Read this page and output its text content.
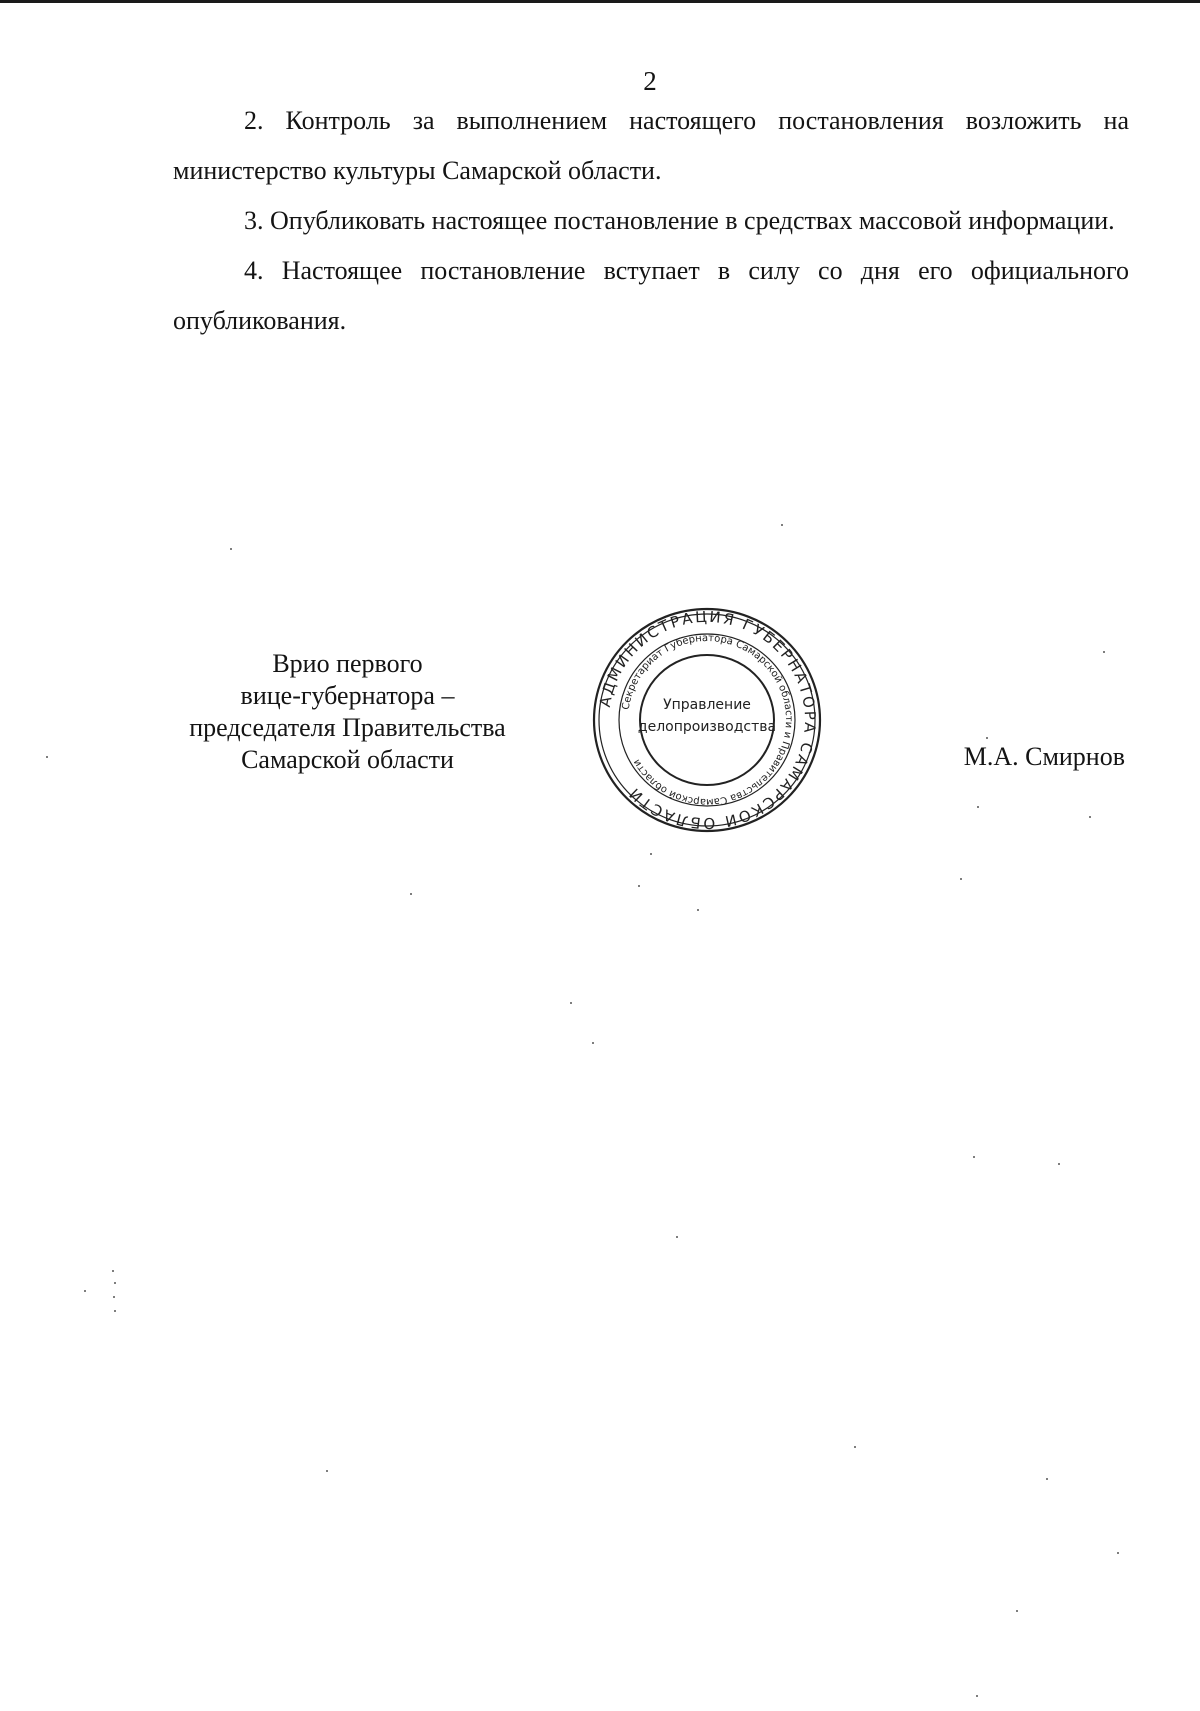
2

2. Контроль за выполнением настоящего постановления возложить на министерство культуры Самарской области.

3. Опубликовать настоящее постановление в средствах массовой информации.

4. Настоящее постановление вступает в силу со дня его официального опубликования.

Врио первого
вице-губернатора –
председателя Правительства
Самарской области
АДМИНИСТРАЦИЯ ГУБЕРНАТОРА САМАРСКОЙ ОБЛАСТИ
Секретариат Губернатора Самарской области и Правительства Самарской области
Управление
делопроизводства
М.А. Смирнов
